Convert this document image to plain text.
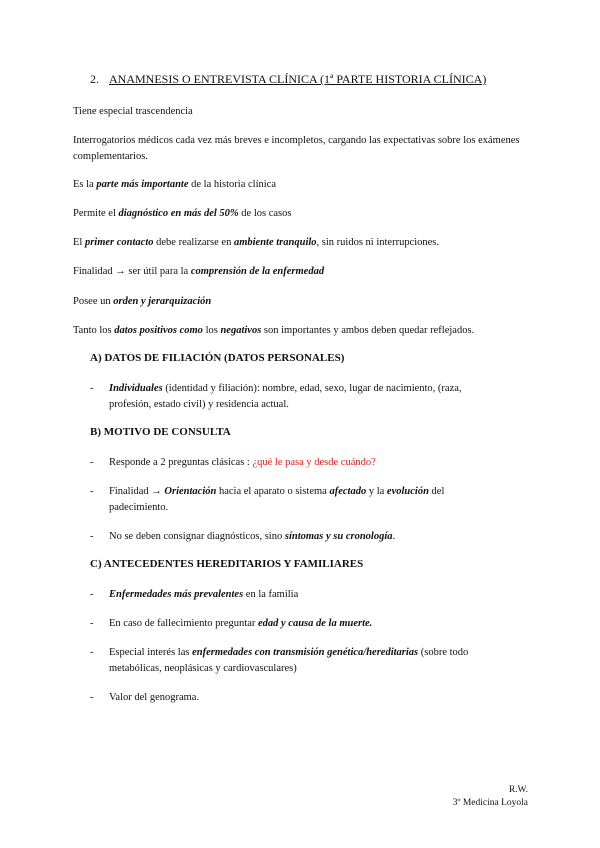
2. ANAMNESIS O ENTREVISTA CLÍNICA (1ª PARTE HISTORIA CLÍNICA)
Tiene especial trascendencia
Interrogatorios médicos cada vez más breves e incompletos, cargando las expectativas sobre los exámenes complementarios.
Es la parte más importante de la historia clínica
Permite el diagnóstico en más del 50% de los casos
El primer contacto debe realizarse en ambiente tranquilo, sin ruidos ni interrupciones.
Finalidad → ser útil para la comprensión de la enfermedad
Posee un orden y jerarquización
Tanto los datos positivos como los negativos son importantes y ambos deben quedar reflejados.
A) DATOS DE FILIACIÓN (DATOS PERSONALES)
- Individuales (identidad y filiación): nombre, edad, sexo, lugar de nacimiento, (raza, profesión, estado civil) y residencia actual.
B) MOTIVO DE CONSULTA
- Responde a 2 preguntas clásicas : ¿qué le pasa y desde cuándo?
- Finalidad → Orientación hacia el aparato o sistema afectado y la evolución del padecimiento.
- No se deben consignar diagnósticos, sino síntomas y su cronología.
C) ANTECEDENTES HEREDITARIOS Y FAMILIARES
- Enfermedades más prevalentes en la familia
- En caso de fallecimiento preguntar edad y causa de la muerte.
- Especial interés las enfermedades con transmisión genética/hereditarias (sobre todo metabólicas, neoplásicas y cardiovasculares)
- Valor del genograma.
R.W.
3º Medicina Loyola
